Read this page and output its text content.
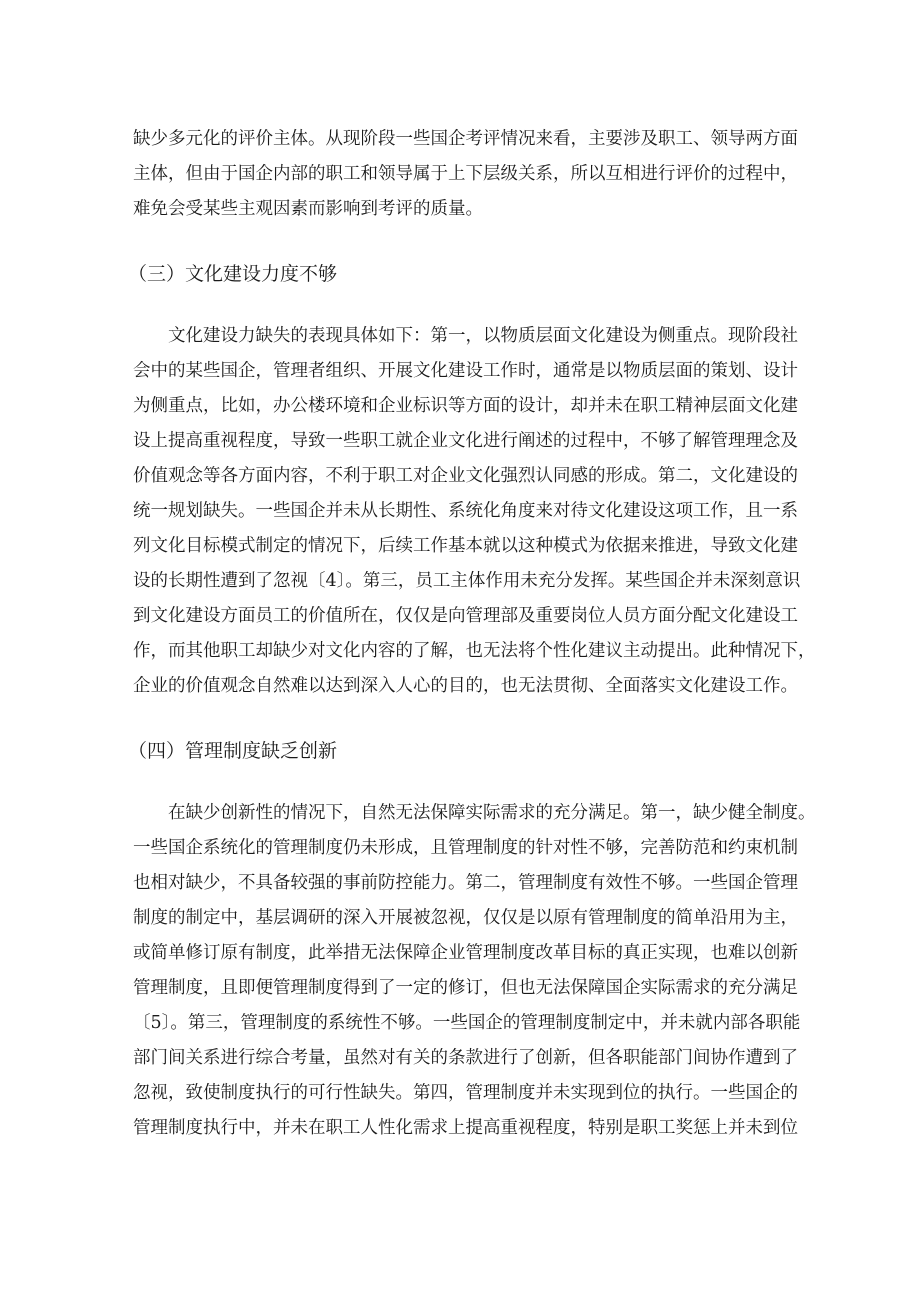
缺少多元化的评价主体。从现阶段一些国企考评情况来看，主要涉及职工、领导两方面
主体，但由于国企内部的职工和领导属于上下层级关系，所以互相进行评价的过程中，
难免会受某些主观因素而影响到考评的质量。
（三）文化建设力度不够
文化建设力缺失的表现具体如下：第一，以物质层面文化建设为侧重点。现阶段社
会中的某些国企，管理者组织、开展文化建设工作时，通常是以物质层面的策划、设计
为侧重点，比如，办公楼环境和企业标识等方面的设计，却并未在职工精神层面文化建
设上提高重视程度，导致一些职工就企业文化进行阐述的过程中，不够了解管理理念及
价值观念等各方面内容，不利于职工对企业文化强烈认同感的形成。第二，文化建设的
统一规划缺失。一些国企并未从长期性、系统化角度来对待文化建设这项工作，且一系
列文化目标模式制定的情况下，后续工作基本就以这种模式为依据来推进，导致文化建
设的长期性遭到了忽视〔4〕。第三，员工主体作用未充分发挥。某些国企并未深刻意识
到文化建设方面员工的价值所在，仅仅是向管理部及重要岗位人员方面分配文化建设工
作，而其他职工却缺少对文化内容的了解，也无法将个性化建议主动提出。此种情况下，
企业的价值观念自然难以达到深入人心的目的，也无法贯彻、全面落实文化建设工作。
（四）管理制度缺乏创新
在缺少创新性的情况下，自然无法保障实际需求的充分满足。第一，缺少健全制度。
一些国企系统化的管理制度仍未形成，且管理制度的针对性不够，完善防范和约束机制
也相对缺少，不具备较强的事前防控能力。第二，管理制度有效性不够。一些国企管理
制度的制定中，基层调研的深入开展被忽视，仅仅是以原有管理制度的简单沿用为主，
或简单修订原有制度，此举措无法保障企业管理制度改革目标的真正实现，也难以创新
管理制度，且即便管理制度得到了一定的修订，但也无法保障国企实际需求的充分满足
〔5〕。第三，管理制度的系统性不够。一些国企的管理制度制定中，并未就内部各职能
部门间关系进行综合考量，虽然对有关的条款进行了创新，但各职能部门间协作遭到了
忽视，致使制度执行的可行性缺失。第四，管理制度并未实现到位的执行。一些国企的
管理制度执行中，并未在职工人性化需求上提高重视程度，特别是职工奖惩上并未到位
